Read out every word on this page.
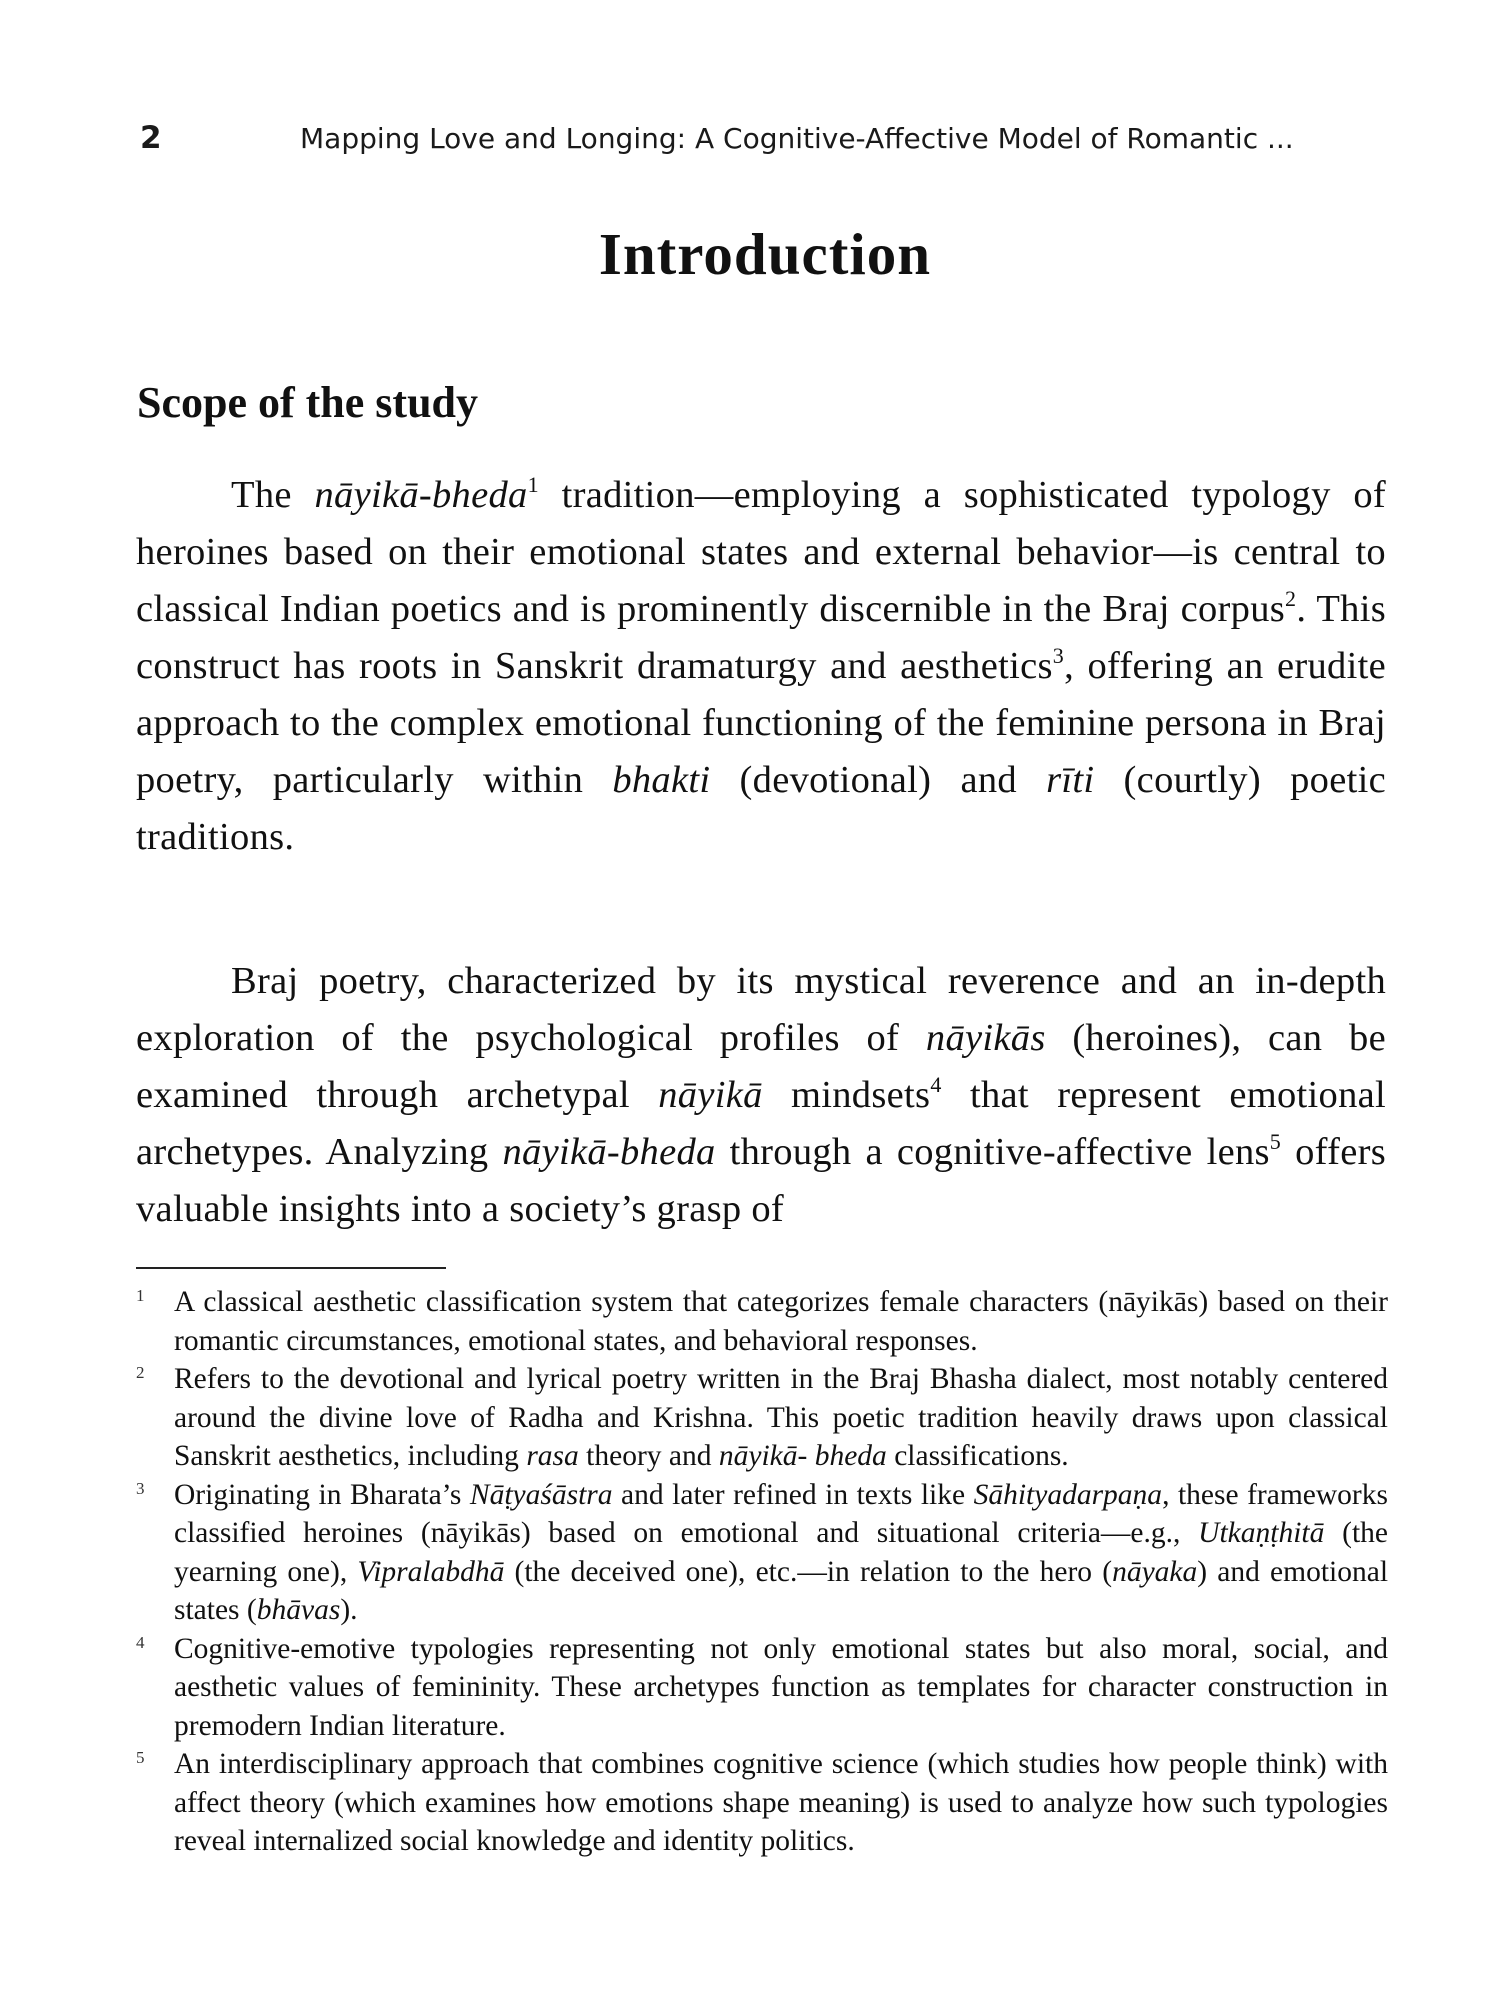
2	Mapping Love and Longing: A Cognitive-Affective Model of Romantic ...
Introduction
Scope of the study

The nāyikā-bheda$^1$ tradition—employing a sophisticated typology of heroines based on their emotional states and external behavior—is central to classical Indian poetics and is prominently discernible in the Braj corpus$^2$. This construct has roots in Sanskrit dramaturgy and aesthetics$^3$, offering an erudite approach to the complex emotional functioning of the feminine persona in Braj poetry, particularly within bhakti (devotional) and rīti (courtly) poetic traditions.

Braj poetry, characterized by its mystical reverence and an in-depth exploration of the psychological profiles of nāyikās (heroines), can be examined through archetypal nāyikā mindsets$^4$ that represent emotional archetypes. Analyzing nāyikā-bheda through a cognitive-affective lens$^5$ offers valuable insights into a society’s grasp of

1 A classical aesthetic classification system that categorizes female characters (nāyikās) based on their romantic circumstances, emotional states, and behavioral responses.

2 Refers to the devotional and lyrical poetry written in the Braj Bhasha dialect, most notably centered around the divine love of Radha and Krishna. This poetic tradition heavily draws upon classical Sanskrit aesthetics, including rasa theory and nāyikā- bheda classifications.

3 Originating in Bharata’s Nāṭyaśāstra and later refined in texts like Sāhityadarpaṇa, these frameworks classified heroines (nāyikās) based on emotional and situational criteria—e.g., Utkaṇṭhitā (the yearning one), Vipralabdhā (the deceived one), etc.—in relation to the hero (nāyaka) and emotional states (bhāvas).

4 Cognitive-emotive typologies representing not only emotional states but also moral, social, and aesthetic values of femininity. These archetypes function as templates for character construction in premodern Indian literature.

5 An interdisciplinary approach that combines cognitive science (which studies how people think) with affect theory (which examines how emotions shape meaning) is used to analyze how such typologies reveal internalized social knowledge and identity politics.
